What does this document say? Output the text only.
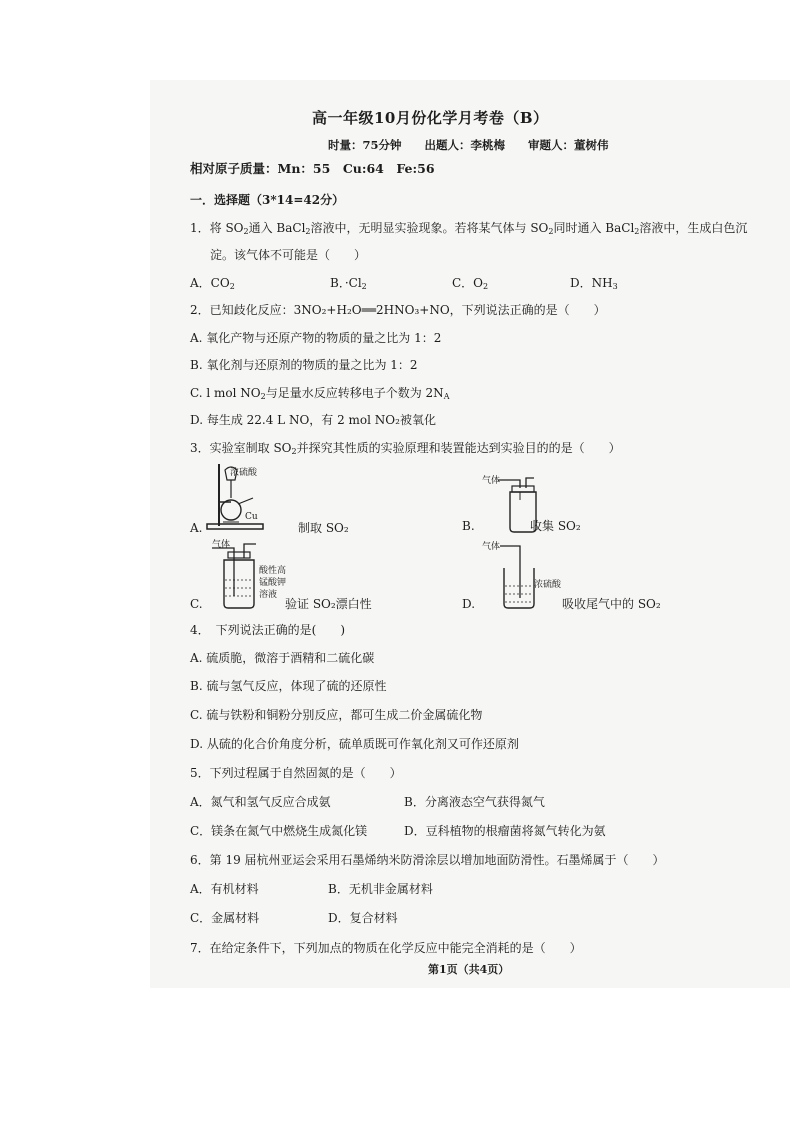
高一年级10月份化学月考卷（B）
时量：75分钟　　出题人：李桃梅　　审题人：董树伟
相对原子质量：Mn：55　Cu:64　Fe:56
一．选择题（3*14=42分）
1．将 $SO_2$通入 BaCl$_2$溶液中，无明显实验现象。若将某气体与 $SO_2$同时通入 BaCl$_2$溶液中，生成白色沉
淀。该气体不可能是（　　）
A．$CO_2$	B．$\cdot Cl_2$	C．$O_2$	D．$NH_3$
2．已知歧化反应：3NO₂+H₂O══2HNO₃+NO，下列说法正确的是（　　）
A. 氧化产物与还原产物的物质的量之比为 1：2
B. 氧化剂与还原剂的物质的量之比为 1：2
C. l mol $NO_2$与足量水反应转移电子个数为 $2N_A$
D. 每生成 22.4 L NO，有 2 mol NO₂被氧化
3．实验室制取 $SO_2$并探究其性质的实验原理和装置能达到实验目的的是（　　）
A.
浓硫酸
Cu
制取 SO₂	B.
气体
收集 SO₂
C.
气体
酸性高
锰酸钾
溶液
验证 SO₂漂白性	D.
气体
浓硫酸
吸收尾气中的 SO₂
4．　下列说法正确的是(　　)
A. 硫质脆，微溶于酒精和二硫化碳
B. 硫与氢气反应，体现了硫的还原性
C. 硫与铁粉和铜粉分别反应，都可生成二价金属硫化物
D. 从硫的化合价角度分析，硫单质既可作氧化剂又可作还原剂
5．下列过程属于自然固氮的是（　　）
A．氮气和氢气反应合成氨	B．分离液态空气获得氮气
C．镁条在氮气中燃烧生成氮化镁	D．豆科植物的根瘤菌将氮气转化为氨
6．第 19 届杭州亚运会采用石墨烯纳米防滑涂层以增加地面防滑性。石墨烯属于（　　）
A．有机材料	B．无机非金属材料
C．金属材料	D．复合材料
7．在给定条件下，下列加点的物质在化学反应中能完全消耗的是（　　）
第1页（共4页）
